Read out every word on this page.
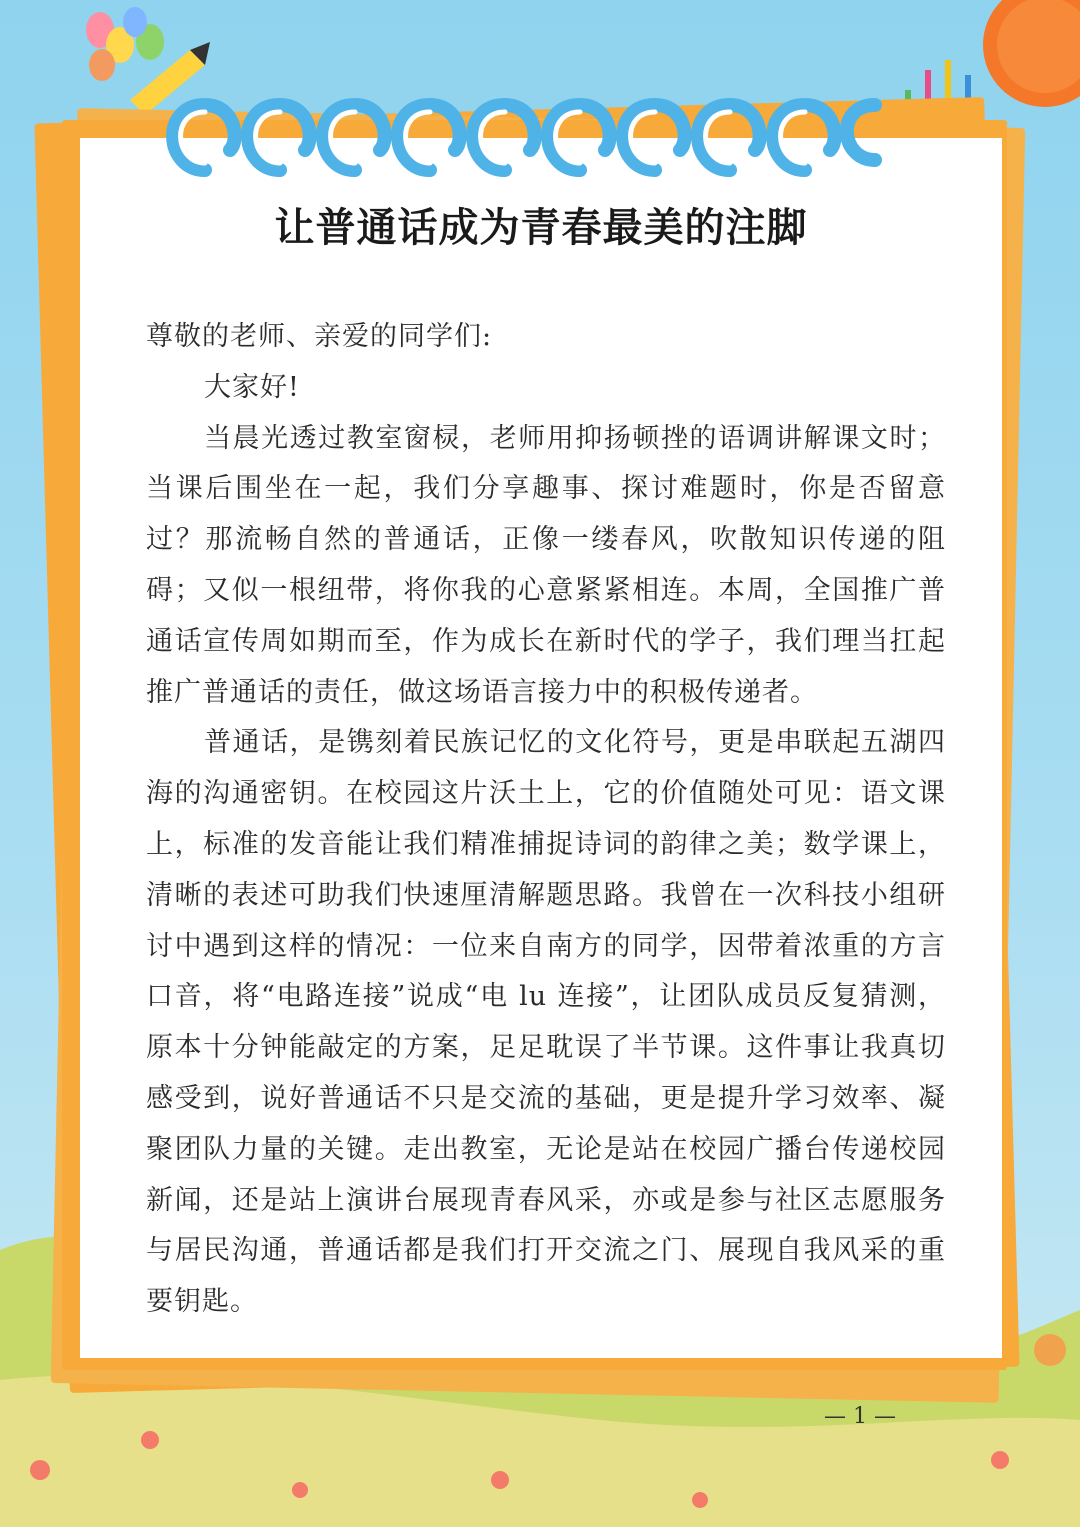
让普通话成为青春最美的注脚

尊敬的老师、亲爱的同学们:

大家好!

当晨光透过教室窗棂，老师用抑扬顿挫的语调讲解课文时；当课后围坐在一起，我们分享趣事、探讨难题时，你是否留意过？那流畅自然的普通话，正像一缕春风，吹散知识传递的阻碍；又似一根纽带，将你我的心意紧紧相连。本周，全国推广普通话宣传周如期而至，作为成长在新时代的学子，我们理当扛起推广普通话的责任，做这场语言接力中的积极传递者。

普通话，是镌刻着民族记忆的文化符号，更是串联起五湖四海的沟通密钥。在校园这片沃土上，它的价值随处可见：语文课上，标准的发音能让我们精准捕捉诗词的韵律之美；数学课上，清晰的表述可助我们快速厘清解题思路。我曾在一次科技小组研讨中遇到这样的情况：一位来自南方的同学，因带着浓重的方言口音，将“电路连接”说成“电 lu 连接”，让团队成员反复猜测，原本十分钟能敲定的方案，足足耽误了半节课。这件事让我真切感受到，说好普通话不只是交流的基础，更是提升学习效率、凝聚团队力量的关键。走出教室，无论是站在校园广播台传递校园新闻，还是站上演讲台展现青春风采，亦或是参与社区志愿服务与居民沟通，普通话都是我们打开交流之门、展现自我风采的重要钥匙。

— 1 —
